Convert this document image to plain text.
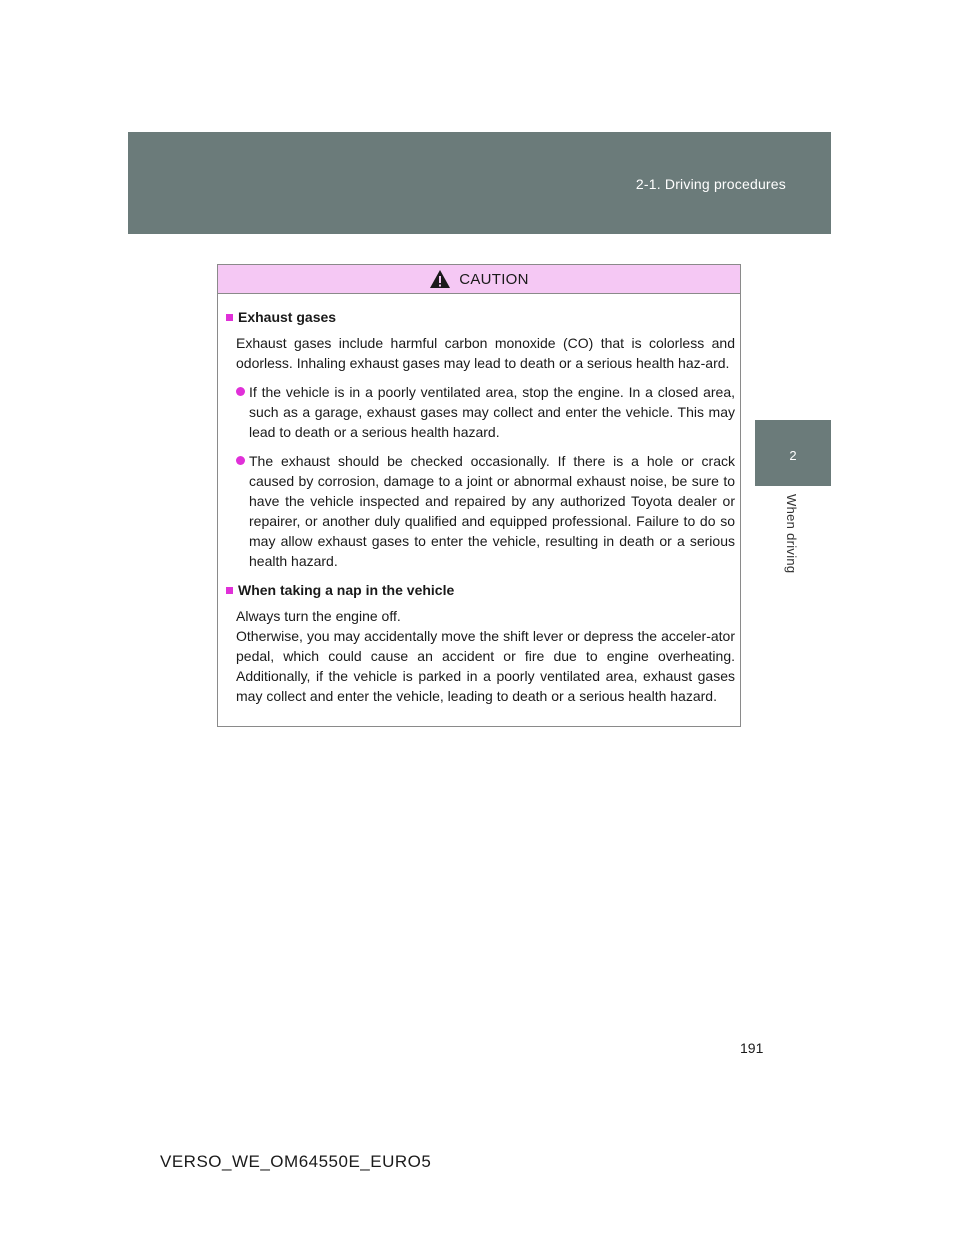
2-1. Driving procedures
2
When driving
CAUTION
Exhaust gases
Exhaust gases include harmful carbon monoxide (CO) that is colorless and odorless. Inhaling exhaust gases may lead to death or a serious health haz-ard.
If the vehicle is in a poorly ventilated area, stop the engine. In a closed area, such as a garage, exhaust gases may collect and enter the vehicle. This may lead to death or a serious health hazard.
The exhaust should be checked occasionally. If there is a hole or crack caused by corrosion, damage to a joint or abnormal exhaust noise, be sure to have the vehicle inspected and repaired by any authorized Toyota dealer or repairer, or another duly qualified and equipped professional. Failure to do so may allow exhaust gases to enter the vehicle, resulting in death or a serious health hazard.
When taking a nap in the vehicle
Always turn the engine off.
Otherwise, you may accidentally move the shift lever or depress the acceler-ator pedal, which could cause an accident or fire due to engine overheating. Additionally, if the vehicle is parked in a poorly ventilated area, exhaust gases may collect and enter the vehicle, leading to death or a serious health hazard.
191
VERSO_WE_OM64550E_EURO5
